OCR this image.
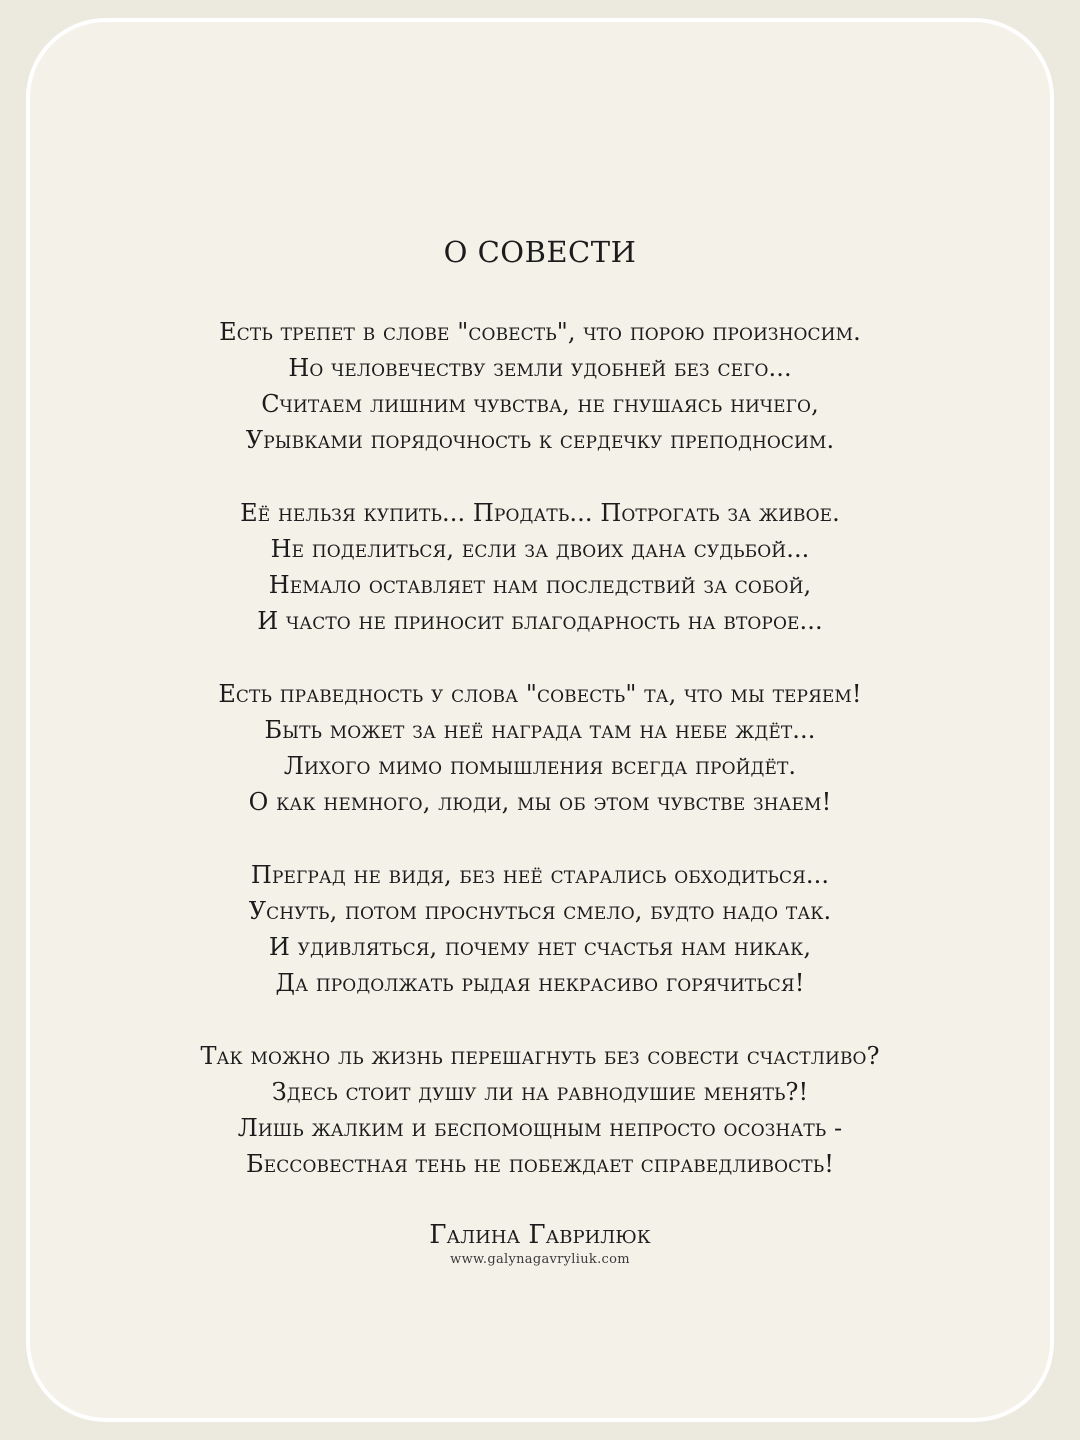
О СОВЕСТИ
Есть трепет в слове "совесть", что порою произносим.
Но человечеству земли удобней без сего...
Считаем лишним чувства, не гнушаясь ничего,
Урывками порядочность к сердечку преподносим.
Её нельзя купить... Продать... Потрогать за живое.
Не поделиться, если за двоих дана судьбой...
Немало оставляет нам последствий за собой,
И часто не приносит благодарность на второе...
Есть праведность у слова "совесть" та, что мы теряем!
Быть может за неё награда там на небе ждёт...
Лихого мимо помышления всегда пройдёт.
О как немного, люди, мы об этом чувстве знаем!
Преград не видя, без неё старались обходиться...
Уснуть, потом проснуться смело, будто надо так.
И удивляться, почему нет счастья нам никак,
Да продолжать рыдая некрасиво горячиться!
Так можно ль жизнь перешагнуть без совести счастливо?
Здесь стоит душу ли на равнодушие менять?!
Лишь жалким и беспомощным непросто осознать -
Бессовестная тень не побеждает справедливость!
Галина Гаврилюк
www.galynagavryliuk.com
